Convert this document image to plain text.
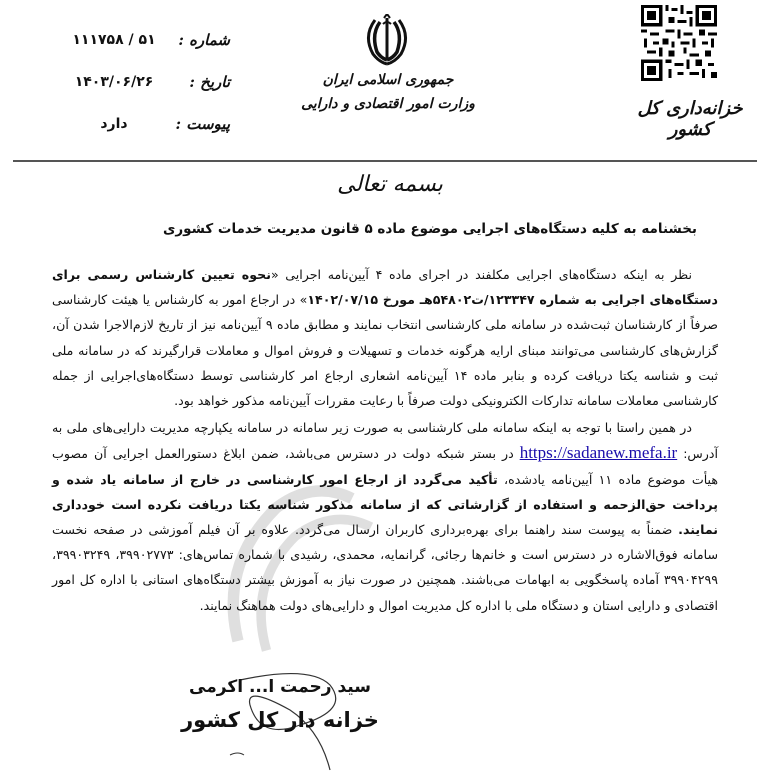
شماره :
۵۱ / ۱۱۱۷۵۸
تاریخ :
۱۴۰۳/۰۶/۲۶
پیوست :
دارد
جمهوری اسلامی ایران
وزارت امور اقتصادی و دارایی	خزانه‌داری کل کشور
بسمه تعالی
بخشنامه به کلیه دستگاه‌های اجرایی موضوع ماده ۵ قانون مدیریت خدمات کشوری

نظر به اینکه دستگاه‌های اجرایی مکلفند در اجرای ماده ۴ آیین‌نامه اجرایی «نحوه تعیین کارشناس رسمی برای دستگاه‌های اجرایی به شماره ۱۲۳۳۴۷/ت۵۴۸۰۲هـ مورخ ۱۴۰۲/۰۷/۱۵» در ارجاع امور به کارشناس یا هیئت کارشناسی صرفاً از کارشناسان ثبت‌شده در سامانه ملی کارشناسی انتخاب نمایند و مطابق ماده ۹ آیین‌نامه نیز از تاریخ لازم‌الاجرا شدن آن، گزارش‌های کارشناسی می‌توانند مبنای ارایه هرگونه خدمات و تسهیلات و فروش اموال و معاملات قرارگیرند که در سامانه ملی ثبت و شناسه یکتا دریافت کرده و بنابر ماده ۱۴ آیین‌نامه اشعاری ارجاع امر کارشناسی توسط دستگاه‌های‌اجرایی از جمله کارشناسی معاملات سامانه تدارکات الکترونیکی دولت صرفاً با رعایت مقررات آیین‌نامه مذکور خواهد بود.

در همین راستا با توجه به اینکه سامانه ملی کارشناسی به صورت زیر سامانه در سامانه یکپارچه مدیریت دارایی‌های ملی به آدرس: https://sadanew.mefa.ir در بستر شبکه دولت در دسترس می‌باشد، ضمن ابلاغ دستورالعمل اجرایی آن مصوب هیأت موضوع ماده ۱۱ آیین‌نامه یادشده، تأکید می‌گردد از ارجاع امور کارشناسی در خارج از سامانه یاد شده و پرداخت حق‌الزحمه و استفاده از گزارشاتی که از سامانه مذکور شناسه یکتا دریافت نکرده است خودداری نمایند. ضمناً به پیوست سند راهنما برای بهره‌برداری کاربران ارسال می‌گردد. علاوه بر آن فیلم آموزشی در صفحه نخست سامانه فوق‌الاشاره در دسترس است و خانم‌ها رجائی، گرانمایه، محمدی، رشیدی با شماره تماس‌های: ۳۹۹۰۲۷۷۳، ۳۹۹۰۳۲۴۹، ۳۹۹۰۴۲۹۹ آماده پاسخگویی به ابهامات می‌باشند. همچنین در صورت نیاز به آموزش بیشتر دستگاه‌های استانی با اداره کل امور اقتصادی و دارایی استان و دستگاه ملی با اداره کل مدیریت اموال و دارایی‌های دولت هماهنگ نمایند.

سید رحمت ا... اکرمی
خزانه دار کل کشور
